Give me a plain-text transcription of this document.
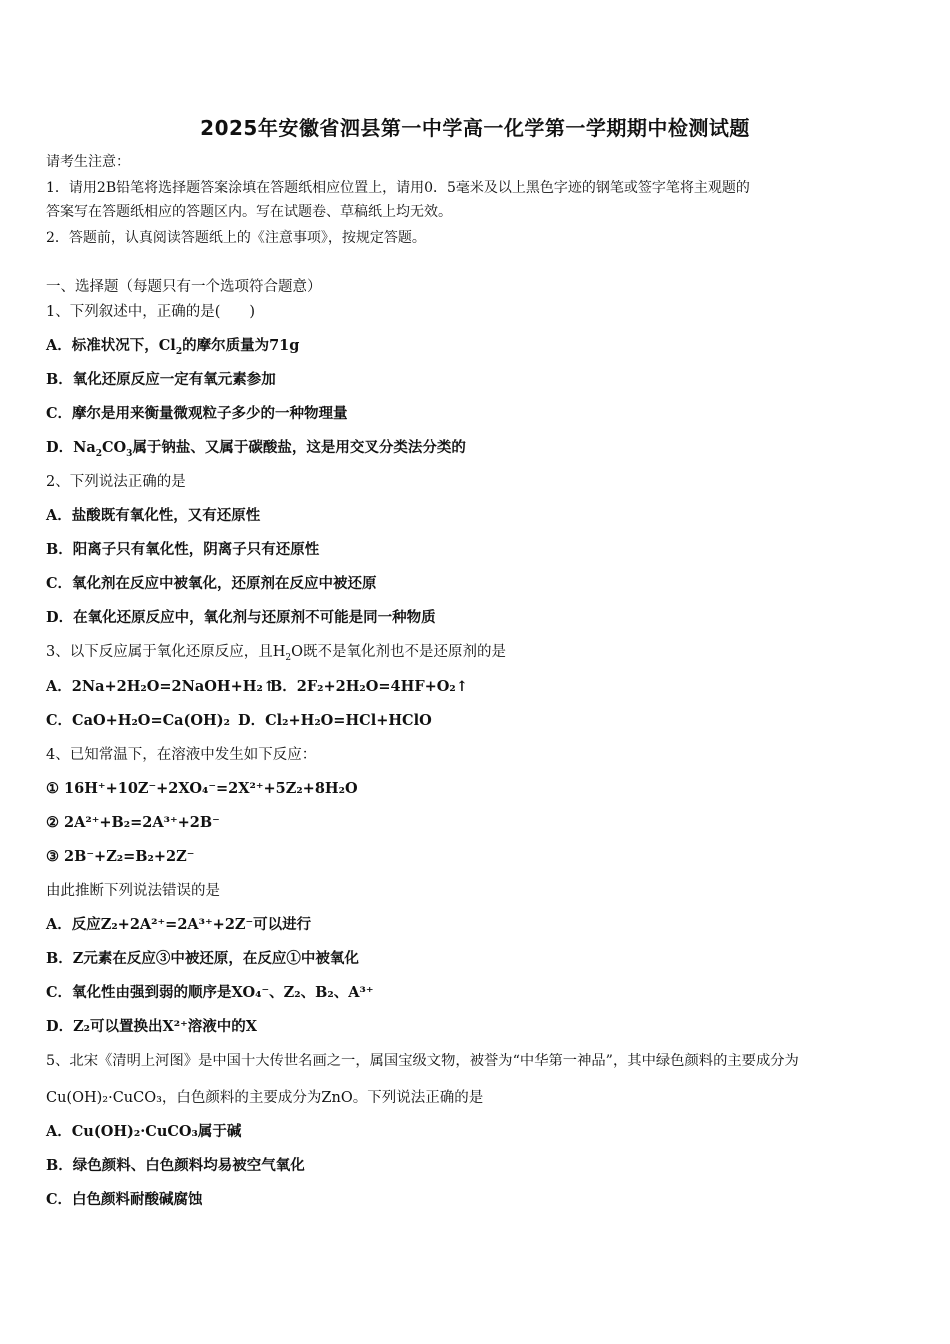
2025年安徽省泗县第一中学高一化学第一学期期中检测试题
请考生注意：
1．请用2B铅笔将选择题答案涂填在答题纸相应位置上，请用0．5毫米及以上黑色字迹的钢笔或签字笔将主观题的
答案写在答题纸相应的答题区内。写在试题卷、草稿纸上均无效。
2．答题前，认真阅读答题纸上的《注意事项》，按规定答题。
一、选择题（每题只有一个选项符合题意）
1、下列叙述中，正确的是(　　)
A．标准状况下，$Cl_2$的摩尔质量为71g
B．氧化还原反应一定有氧元素参加
C．摩尔是用来衡量微观粒子多少的一种物理量
D．$Na_2CO_3$属于钠盐、又属于碳酸盐，这是用交叉分类法分类的
2、下列说法正确的是
A．盐酸既有氧化性，又有还原性
B．阳离子只有氧化性，阴离子只有还原性
C．氧化剂在反应中被氧化，还原剂在反应中被还原
D．在氧化还原反应中，氧化剂与还原剂不可能是同一种物质
3、以下反应属于氧化还原反应，且$H_2O$既不是氧化剂也不是还原剂的是
A．2Na+2H₂O=2NaOH+H₂↑
B．2F₂+2H₂O=4HF+O₂↑
C．CaO+H₂O=Ca(OH)₂ D．Cl₂+H₂O=HCl+HClO
4、已知常温下，在溶液中发生如下反应：
① 16H⁺+10Z⁻+2XO₄⁻=2X²⁺+5Z₂+8H₂O
② 2A²⁺+B₂=2A³⁺+2B⁻
③ 2B⁻+Z₂=B₂+2Z⁻
由此推断下列说法错误的是
A．反应Z₂+2A²⁺=2A³⁺+2Z⁻可以进行
B．Z元素在反应③中被还原，在反应①中被氧化
C．氧化性由强到弱的顺序是XO₄⁻、Z₂、B₂、A³⁺
D．Z₂可以置换出X²⁺溶液中的X
5、北宋《清明上河图》是中国十大传世名画之一，属国宝级文物，被誉为“中华第一神品”，其中绿色颜料的主要成分为
Cu(OH)₂·CuCO₃，白色颜料的主要成分为ZnO。下列说法正确的是
A．Cu(OH)₂·CuCO₃属于碱
B．绿色颜料、白色颜料均易被空气氧化
C．白色颜料耐酸碱腐蚀
